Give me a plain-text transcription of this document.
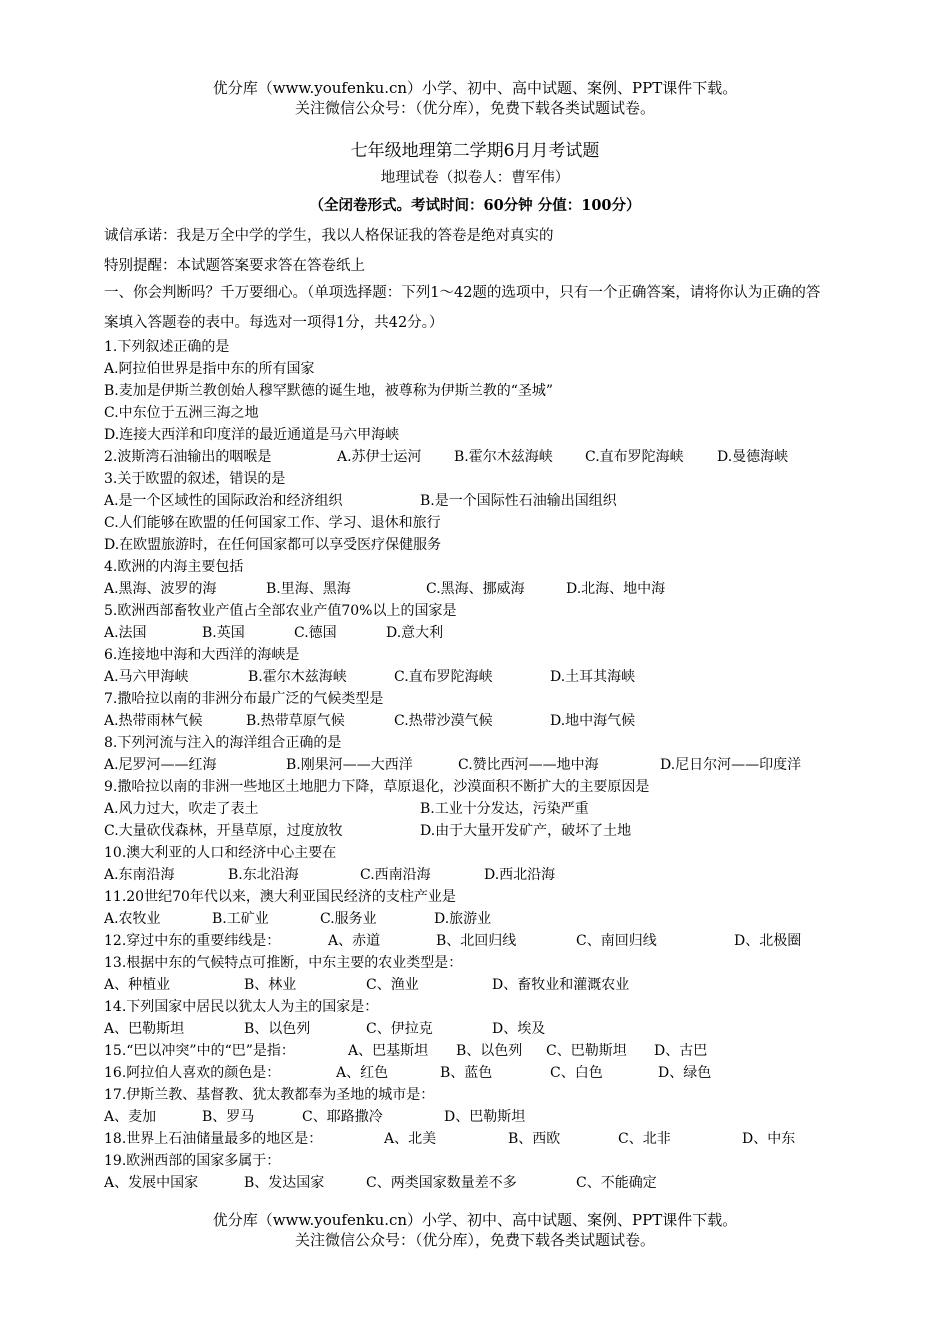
优分库（www.youfenku.cn）小学、初中、高中试题、案例、PPT课件下载。
关注微信公众号：（优分库），免费下载各类试题试卷。
七年级地理第二学期6月月考试题
地理试卷（拟卷人：曹军伟）
（全闭卷形式。考试时间：60分钟 分值：100分）
诚信承诺：我是万全中学的学生，我以人格保证我的答卷是绝对真实的
特别提醒：本试题答案要求答在答卷纸上
一、你会判断吗？千万要细心。（单项选择题：下列1～42题的选项中，只有一个正确答案，请将你认为正确的答案填入答题卷的表中。每选对一项得1分，共42分。）
1.下列叙述正确的是
A.阿拉伯世界是指中东的所有国家
B.麦加是伊斯兰教创始人穆罕默德的诞生地，被尊称为伊斯兰教的“圣城”
C.中东位于五洲三海之地
D.连接大西洋和印度洋的最近通道是马六甲海峡
2.波斯湾石油输出的咽喉是	A.苏伊士运河 B.霍尔木兹海峡 C.直布罗陀海峡 D.曼德海峡
3.关于欧盟的叙述，错误的是
A.是一个区域性的国际政治和经济组织	B.是一个国际性石油输出国组织
C.人们能够在欧盟的任何国家工作、学习、退休和旅行
D.在欧盟旅游时，在任何国家都可以享受医疗保健服务
4.欧洲的内海主要包括
A.黑海、波罗的海	B.里海、黑海	C.黑海、挪威海	D.北海、地中海
5.欧洲西部畜牧业产值占全部农业产值70%以上的国家是
A.法国	B.英国	C.德国	D.意大利
6.连接地中海和大西洋的海峡是
A.马六甲海峡	B.霍尔木兹海峡	C.直布罗陀海峡	D.土耳其海峡
7.撒哈拉以南的非洲分布最广泛的气候类型是
A.热带雨林气候	B.热带草原气候	C.热带沙漠气候	D.地中海气候
8.下列河流与注入的海洋组合正确的是
A.尼罗河——红海	B.刚果河——大西洋	C.赞比西河——地中海	D.尼日尔河——印度洋
9.撒哈拉以南的非洲一些地区土地肥力下降，草原退化，沙漠面积不断扩大的主要原因是
A.风力过大，吹走了表土	B.工业十分发达，污染严重
C.大量砍伐森林，开垦草原，过度放牧	D.由于大量开发矿产，破坏了土地
10.澳大利亚的人口和经济中心主要在
A.东南沿海	B.东北沿海	C.西南沿海	D.西北沿海
11.20世纪70年代以来，澳大利亚国民经济的支柱产业是
A.农牧业	B.工矿业	C.服务业	D.旅游业
12.穿过中东的重要纬线是：	A、赤道	B、北回归线	C、南回归线	D、北极圈
13.根据中东的气候特点可推断，中东主要的农业类型是：
A、种植业	B、林业	C、渔业	D、畜牧业和灌溉农业
14.下列国家中居民以犹太人为主的国家是：
A、巴勒斯坦	B、以色列	C、伊拉克	D、埃及
15.“巴以冲突”中的“巴”是指：	A、巴基斯坦 B、以色列 C、巴勒斯坦 D、古巴
16.阿拉伯人喜欢的颜色是：	A、红色	B、蓝色	C、白色	D、绿色
17.伊斯兰教、基督教、犹太教都奉为圣地的城市是：
A、麦加	B、罗马	C、耶路撒冷	D、巴勒斯坦
18.世界上石油储量最多的地区是：	A、北美	B、西欧	C、北非	D、中东
19.欧洲西部的国家多属于：
A、发展中国家	B、发达国家	C、两类国家数量差不多	C、不能确定
优分库（www.youfenku.cn）小学、初中、高中试题、案例、PPT课件下载。
关注微信公众号：（优分库），免费下载各类试题试卷。
